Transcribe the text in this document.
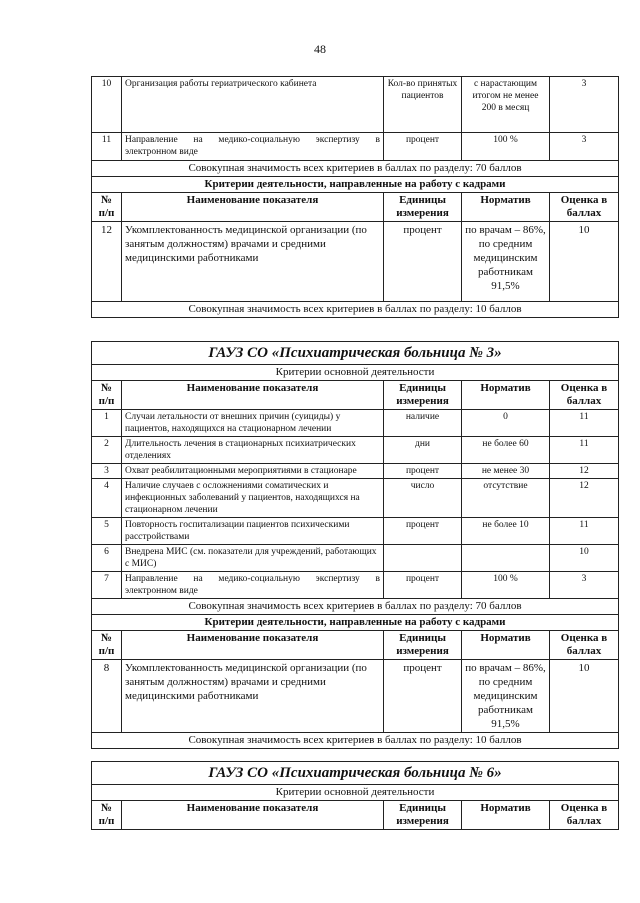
48
10	Организация работы гериатрического кабинета	Кол-во принятых пациентов	с нарастающим итогом не менее 200 в месяц	3
11	Направление на медико-социальную экспертизу в электронном виде	процент	100 %	3
Совокупная значимость всех критериев в баллах по разделу: 70 баллов				
Критерии деятельности, направленные на работу с кадрами				
№ п/п	Наименование показателя	Единицы измерения	Норматив	Оценка в баллах
12	Укомплектованность медицинской организации (по занятым должностям) врачами и средними медицинскими работниками	процент	по врачам – 86%, по средним медицинским работникам 91,5%	10
Совокупная значимость всех критериев в баллах по разделу: 10 баллов				
ГАУЗ СО «Психиатрическая больница № 3»				
Критерии основной деятельности				
№ п/п	Наименование показателя	Единицы измерения	Норматив	Оценка в баллах
1	Случаи летальности от внешних причин (суициды) у пациентов, находящихся на стационарном лечении	наличие	0	11
2	Длительность лечения в стационарных психиатрических отделениях	дни	не более 60	11
3	Охват реабилитационными мероприятиями в стационаре	процент	не менее 30	12
4	Наличие случаев с осложнениями соматических и инфекционных заболеваний у пациентов, находящихся на стационарном лечении	число	отсутствие	12
5	Повторность госпитализации пациентов психическими расстройствами	процент	не более 10	11
6	Внедрена МИС (см. показатели для учреждений, работающих с МИС)			10
7	Направление на медико-социальную экспертизу в электронном виде	процент	100 %	3
Совокупная значимость всех критериев в баллах по разделу: 70 баллов				
Критерии деятельности, направленные на работу с кадрами				
№ п/п	Наименование показателя	Единицы измерения	Норматив	Оценка в баллах
8	Укомплектованность медицинской организации (по занятым должностям) врачами и средними медицинскими работниками	процент	по врачам – 86%, по средним медицинским работникам 91,5%	10
Совокупная значимость всех критериев в баллах по разделу: 10 баллов				
ГАУЗ СО «Психиатрическая больница № 6»
Критерии основной деятельности
№ п/п	Наименование показателя	Единицы измерения	Норматив	Оценка в баллах
